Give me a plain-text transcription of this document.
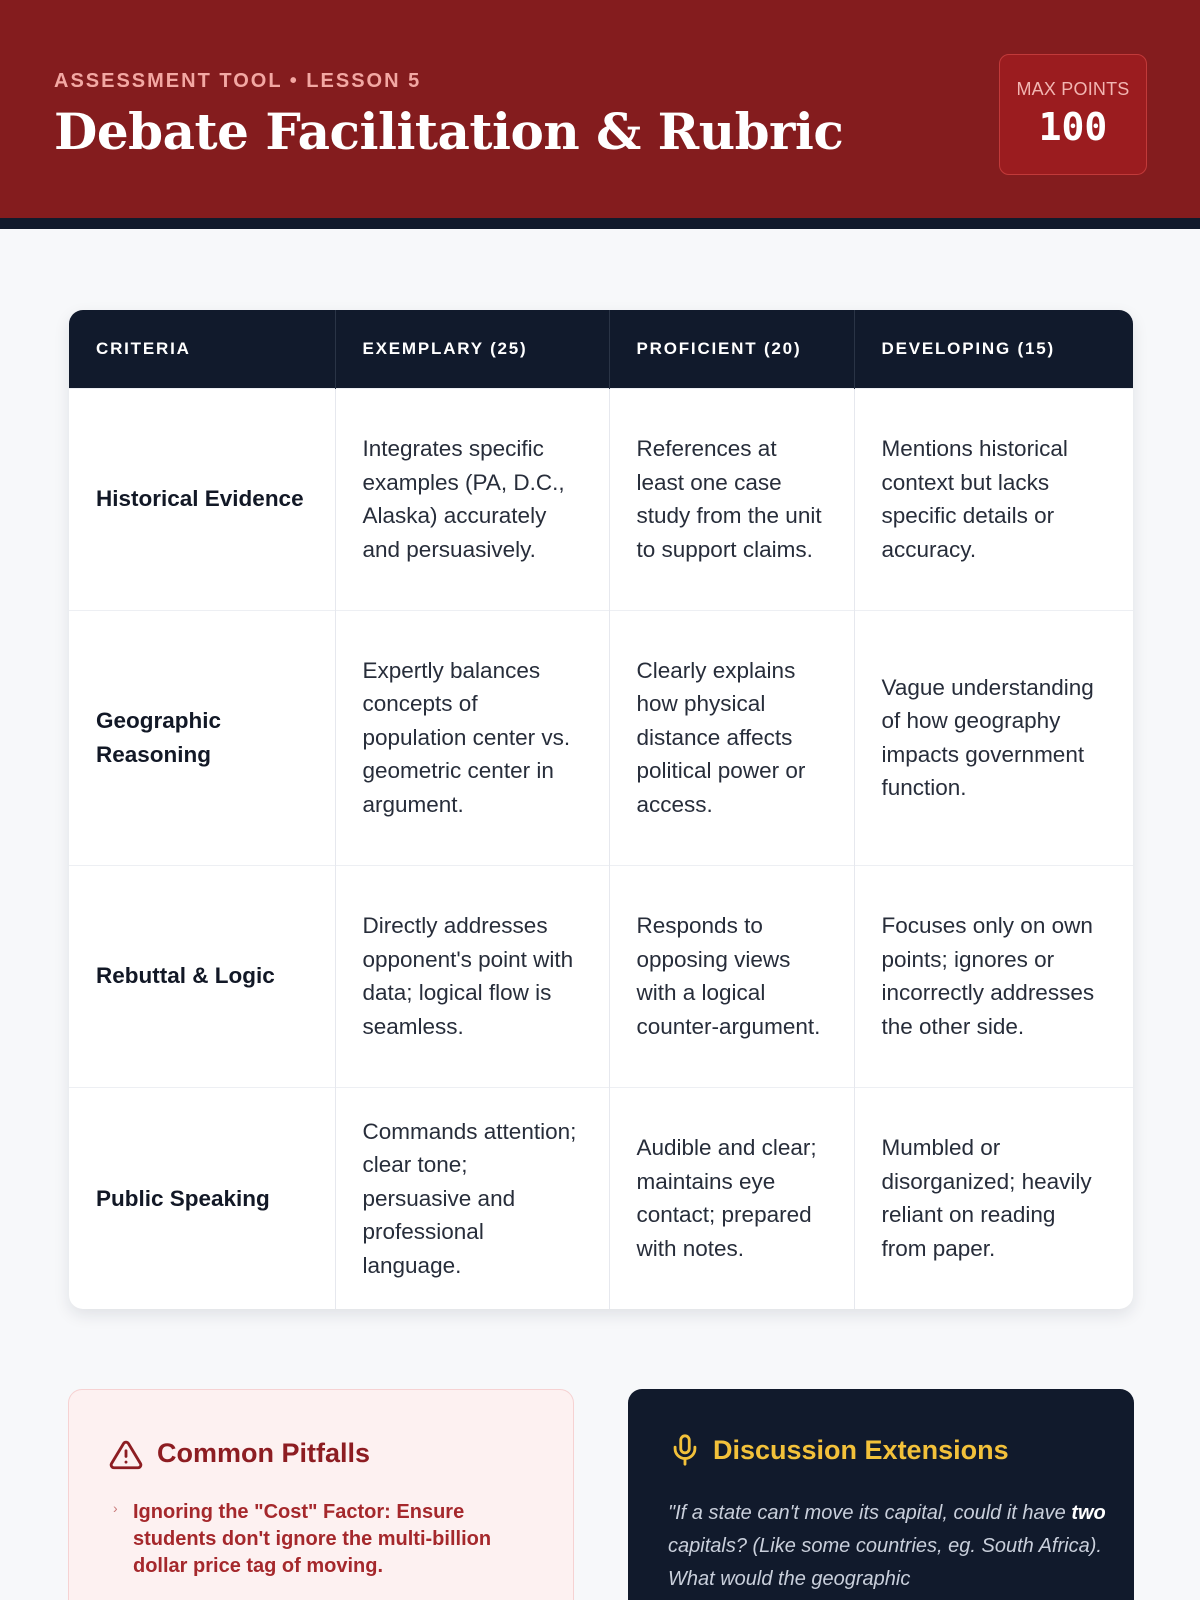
ASSESSMENT TOOL • LESSON 5
Debate Facilitation & Rubric
MAX POINTS
100
CRITERIA	EXEMPLARY (25)	PROFICIENT (20)	DEVELOPING (15)
Historical Evidence	Integrates specific examples (PA, D.C., Alaska) accurately and persuasively.	References at least one case study from the unit to support claims.	Mentions historical context but lacks specific details or accuracy.
Geographic Reasoning	Expertly balances concepts of population center vs. geometric center in argument.	Clearly explains how physical distance affects political power or access.	Vague understanding of how geography impacts government function.
Rebuttal & Logic	Directly addresses opponent's point with data; logical flow is seamless.	Responds to opposing views with a logical counter-argument.	Focuses only on own points; ignores or incorrectly addresses the other side.
Public Speaking	Commands attention; clear tone; persuasive and professional language.	Audible and clear; maintains eye contact; prepared with notes.	Mumbled or disorganized; heavily reliant on reading from paper.
Common Pitfalls
› Ignoring the "Cost" Factor: Ensure students don't ignore the multi-billion dollar price tag of moving.
Discussion Extensions

"If a state can't move its capital, could it have two capitals? (Like some countries, eg. South Africa). What would the geographic
